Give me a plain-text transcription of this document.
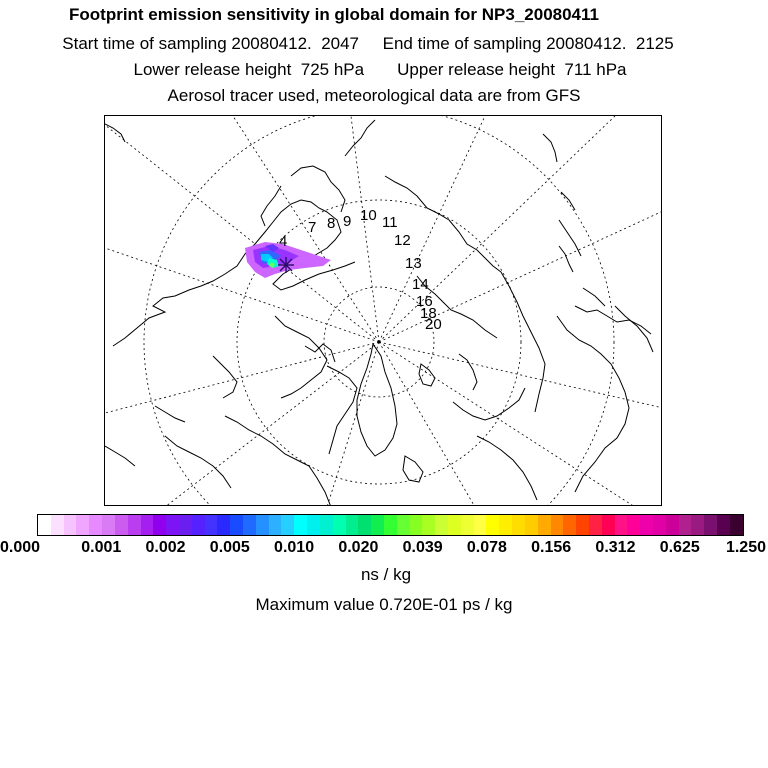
Footprint emission sensitivity in global domain for NP3_20080411
Start time of sampling 20080412.  2047     End time of sampling 20080412.  2125
Lower release height  725 hPa       Upper release height  711 hPa
Aerosol tracer used, meteorological data are from GFS
4
7 8 9 10 11
12
13
14
16
18
20
0.000	0.001 0.002 0.005 0.010 0.020 0.039 0.078 0.156 0.312 0.625 1.250
ns / kg
Maximum value 0.720E-01 ps / kg
